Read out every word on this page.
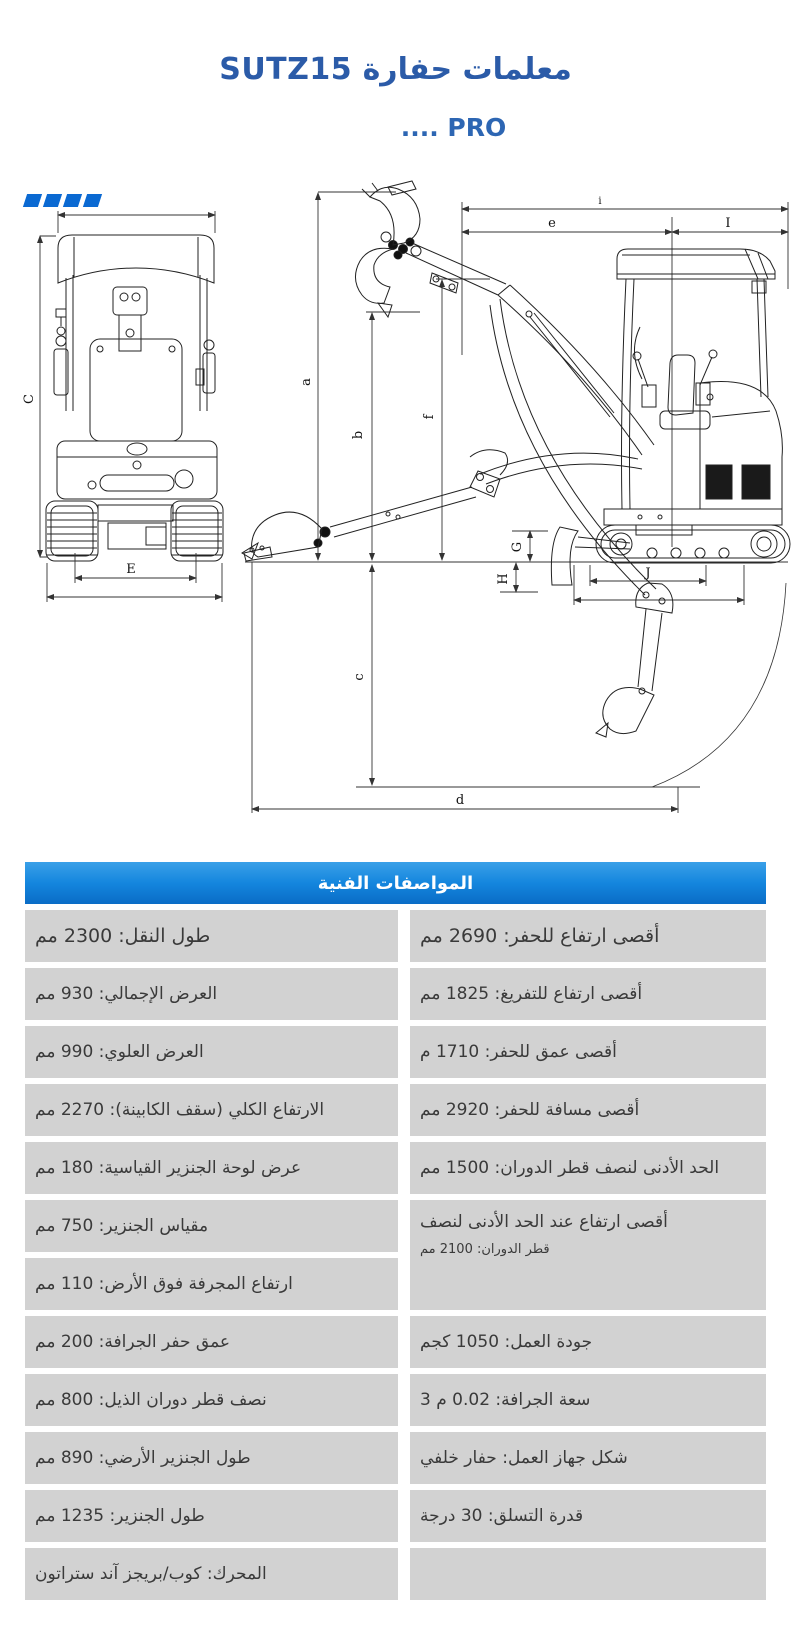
معلمات حفارة SUTZ15
.... PRO
C
E
i
e	I
a
b
f
G
H	J
c
d
المواصفات الفنية
طول النقل: 2300 مم	أقصى ارتفاع للحفر: 2690 مم
العرض الإجمالي: 930 مم	أقصى ارتفاع للتفريغ: 1825 مم
العرض العلوي: 990 مم	أقصى عمق للحفر: 1710 م
الارتفاع الكلي (سقف الكابينة): 2270 مم	أقصى مسافة للحفر: 2920 مم
عرض لوحة الجنزير القياسية: 180 مم	الحد الأدنى لنصف قطر الدوران: 1500 مم
مقياس الجنزير: 750 مم	أقصى ارتفاع عند الحد الأدنى لنصف
قطر الدوران: 2100 مم
ارتفاع المجرفة فوق الأرض: 110 مم
عمق حفر الجرافة: 200 مم	جودة العمل: 1050 كجم
نصف قطر دوران الذيل: 800 مم	سعة الجرافة: 0.02 م 3
طول الجنزير الأرضي: 890 مم	شكل جهاز العمل: حفار خلفي
طول الجنزير: 1235 مم	قدرة التسلق: 30 درجة
المحرك: كوب/بريجز آند ستراتون
